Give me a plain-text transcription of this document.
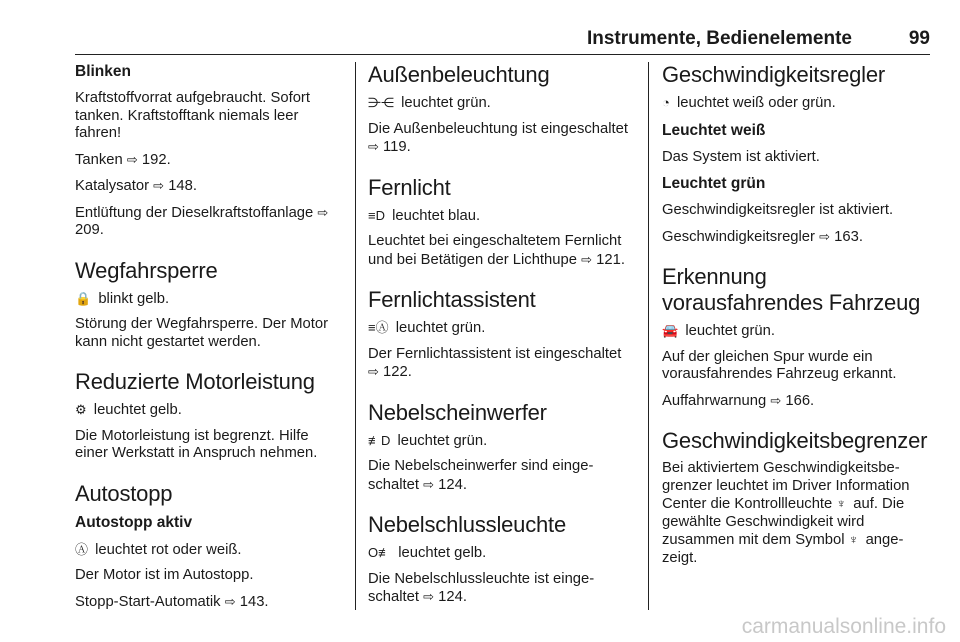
Instrumente, Bedienelemente	99
Blinken

Kraftstoffvorrat aufgebraucht. Sofort tanken. Kraftstofftank niemals leer fahren!

Tanken ⇨ 192.

Katalysator ⇨ 148.

Entlüftung der Dieselkraftstoffanlage ⇨ 209.

Wegfahrsperre

🔒 blinkt gelb.

Störung der Wegfahrsperre. Der Motor kann nicht gestartet werden.

Reduzierte Motorleistung

⚙ leuchtet gelb.

Die Motorleistung ist begrenzt. Hilfe einer Werkstatt in Anspruch nehmen.

Autostopp
Autostopp aktiv

Ⓐ leuchtet rot oder weiß.

Der Motor ist im Autostopp.

Stopp-Start-Automatik ⇨ 143.

Außenbeleuchtung

⋺⋲ leuchtet grün.

Die Außenbeleuchtung ist eingeschaltet ⇨ 119.

Fernlicht

≡D leuchtet blau.

Leuchtet bei eingeschaltetem Fernlicht und bei Betätigen der Lichthupe ⇨ 121.

Fernlichtassistent

≡Ⓐ leuchtet grün.

Der Fernlichtassistent ist eingeschaltet ⇨ 122.

Nebelscheinwerfer

≢D leuchtet grün.

Die Nebelscheinwerfer sind eingeschaltet ⇨ 124.

Nebelschlussleuchte

O≢ leuchtet gelb.

Die Nebelschlussleuchte ist eingeschaltet ⇨ 124.

Geschwindigkeitsregler

◔ leuchtet weiß oder grün.

Leuchtet weiß

Das System ist aktiviert.

Leuchtet grün

Geschwindigkeitsregler ist aktiviert.

Geschwindigkeitsregler ⇨ 163.

Erkennung vorausfahrendes Fahrzeug

🚘 leuchtet grün.

Auf der gleichen Spur wurde ein vorausfahrendes Fahrzeug erkannt.

Auffahrwarnung ⇨ 166.

Geschwindigkeitsbegrenzer

Bei aktiviertem Geschwindigkeitsbegrenzer leuchtet im Driver Information Center die Kontrollleuchte ♆ auf. Die gewählte Geschwindigkeit wird zusammen mit dem Symbol ♆ angezeigt.

carmanualsonline.info
